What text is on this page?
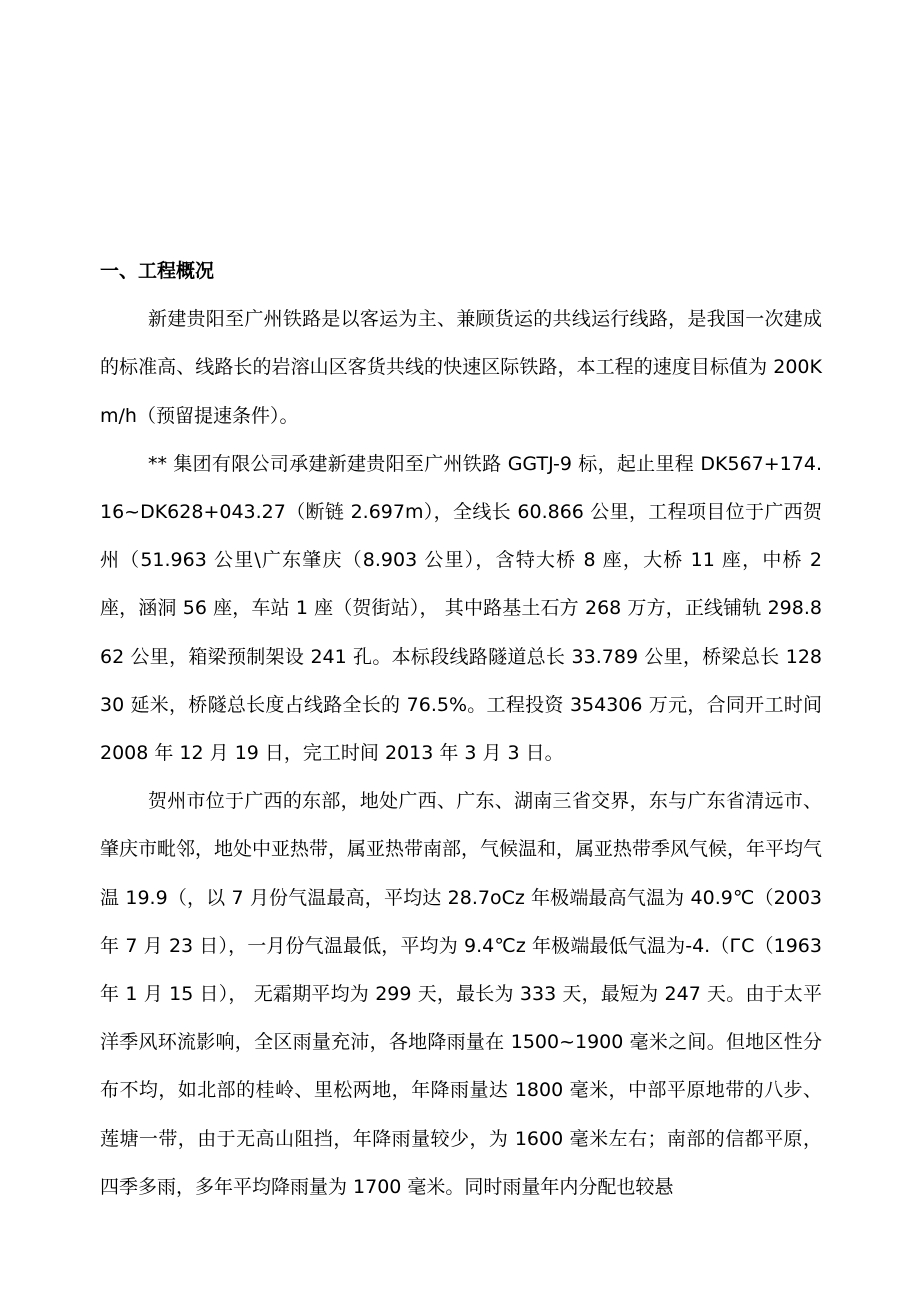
一、工程概况

新建贵阳至广州铁路是以客运为主、兼顾货运的共线运行线路，是我国一次建成的标准高、线路长的岩溶山区客货共线的快速区际铁路，本工程的速度目标值为 200Km/h（预留提速条件）。

** 集团有限公司承建新建贵阳至广州铁路 GGTJ-9 标，起止里程 DK567+174.16~DK628+043.27（断链 2.697m），全线长 60.866 公里，工程项目位于广西贺州（51.963 公里\广东肇庆（8.903 公里），含特大桥 8 座，大桥 11 座，中桥 2 座，涵洞 56 座，车站 1 座（贺街站）， 其中路基土石方 268 万方，正线铺轨 298.862 公里，箱梁预制架设 241 孔。本标段线路隧道总长 33.789 公里，桥梁总长 12830 延米，桥隧总长度占线路全长的 76.5%。工程投资 354306 万元，合同开工时间 2008 年 12 月 19 日，完工时间 2013 年 3 月 3 日。

贺州市位于广西的东部，地处广西、广东、湖南三省交界，东与广东省清远市、肇庆市毗邻，地处中亚热带，属亚热带南部，气候温和，属亚热带季风气候，年平均气温 19.9（，以 7 月份气温最高，平均达 28.7oCz 年极端最高气温为 40.9℃（2003 年 7 月 23 日），一月份气温最低，平均为 9.4℃z 年极端最低气温为-4.（ГС（1963 年 1 月 15 日）， 无霜期平均为 299 天，最长为 333 天，最短为 247 天。由于太平洋季风环流影响，全区雨量充沛，各地降雨量在 1500~1900 毫米之间。但地区性分布不均，如北部的桂岭、里松两地，年降雨量达 1800 毫米，中部平原地带的八步、莲塘一带，由于无高山阻挡，年降雨量较少，为 1600 毫米左右；南部的信都平原，四季多雨，多年平均降雨量为 1700 毫米。同时雨量年内分配也较悬
